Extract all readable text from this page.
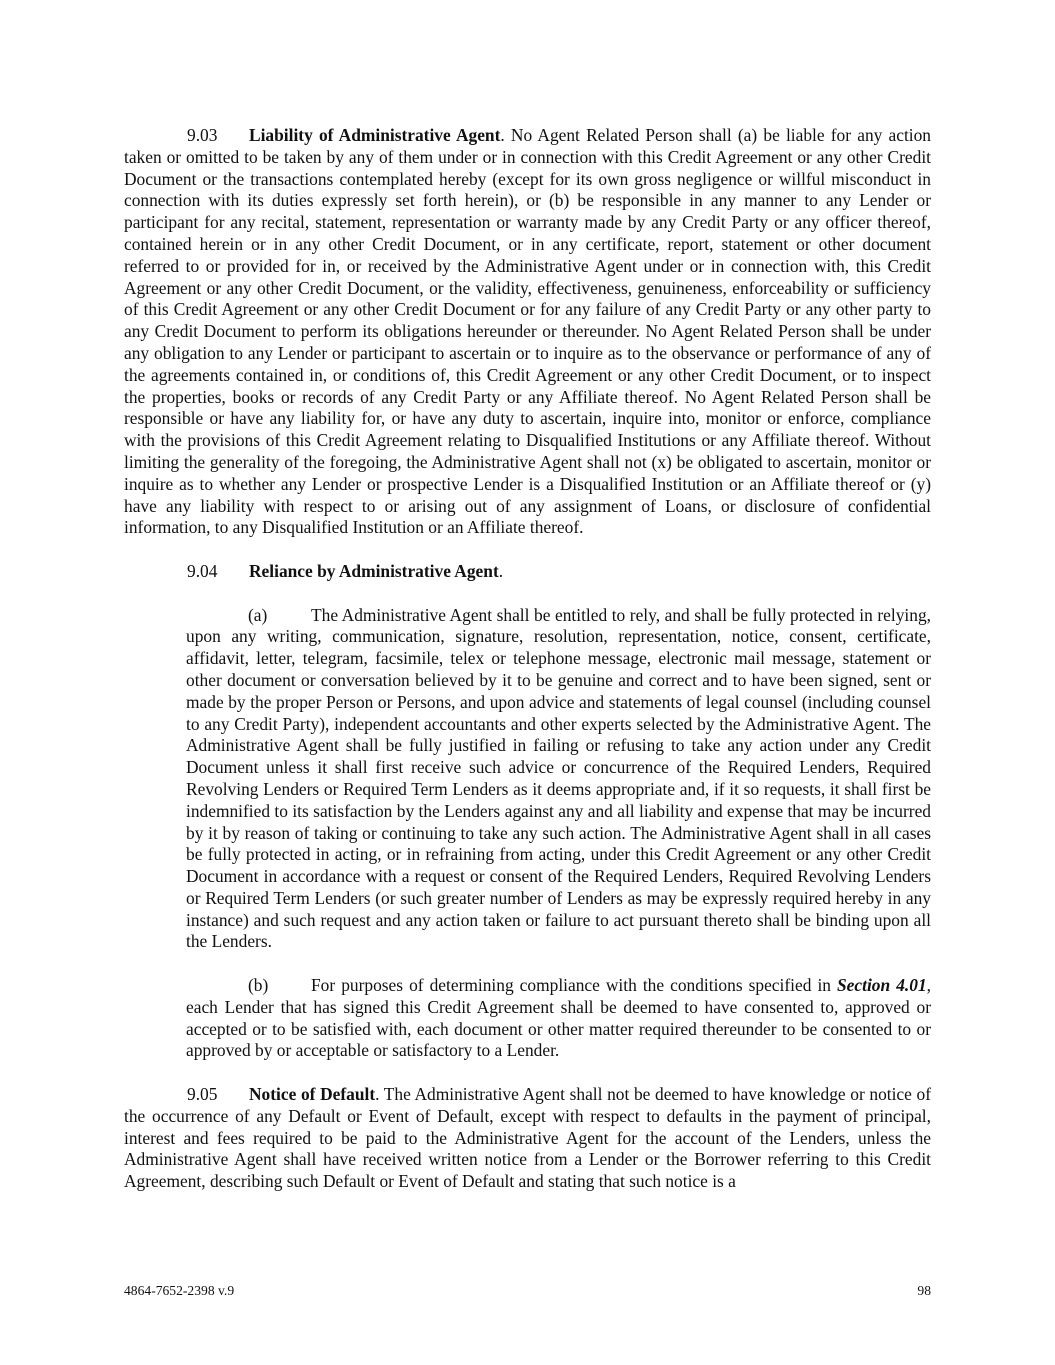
9.03 Liability of Administrative Agent. No Agent Related Person shall (a) be liable for any action taken or omitted to be taken by any of them under or in connection with this Credit Agreement or any other Credit Document or the transactions contemplated hereby (except for its own gross negligence or willful misconduct in connection with its duties expressly set forth herein), or (b) be responsible in any manner to any Lender or participant for any recital, statement, representation or warranty made by any Credit Party or any officer thereof, contained herein or in any other Credit Document, or in any certificate, report, statement or other document referred to or provided for in, or received by the Administrative Agent under or in connection with, this Credit Agreement or any other Credit Document, or the validity, effectiveness, genuineness, enforceability or sufficiency of this Credit Agreement or any other Credit Document or for any failure of any Credit Party or any other party to any Credit Document to perform its obligations hereunder or thereunder. No Agent Related Person shall be under any obligation to any Lender or participant to ascertain or to inquire as to the observance or performance of any of the agreements contained in, or conditions of, this Credit Agreement or any other Credit Document, or to inspect the properties, books or records of any Credit Party or any Affiliate thereof. No Agent Related Person shall be responsible or have any liability for, or have any duty to ascertain, inquire into, monitor or enforce, compliance with the provisions of this Credit Agreement relating to Disqualified Institutions or any Affiliate thereof. Without limiting the generality of the foregoing, the Administrative Agent shall not (x) be obligated to ascertain, monitor or inquire as to whether any Lender or prospective Lender is a Disqualified Institution or an Affiliate thereof or (y) have any liability with respect to or arising out of any assignment of Loans, or disclosure of confidential information, to any Disqualified Institution or an Affiliate thereof.

9.04 Reliance by Administrative Agent.

(a)	The Administrative Agent shall be entitled to rely, and shall be fully protected in relying, upon any writing, communication, signature, resolution, representation, notice, consent, certificate, affidavit, letter, telegram, facsimile, telex or telephone message, electronic mail message, statement or other document or conversation believed by it to be genuine and correct and to have been signed, sent or made by the proper Person or Persons, and upon advice and statements of legal counsel (including counsel to any Credit Party), independent accountants and other experts selected by the Administrative Agent. The Administrative Agent shall be fully justified in failing or refusing to take any action under any Credit Document unless it shall first receive such advice or concurrence of the Required Lenders, Required Revolving Lenders or Required Term Lenders as it deems appropriate and, if it so requests, it shall first be indemnified to its satisfaction by the Lenders against any and all liability and expense that may be incurred by it by reason of taking or continuing to take any such action. The Administrative Agent shall in all cases be fully protected in acting, or in refraining from acting, under this Credit Agreement or any other Credit Document in accordance with a request or consent of the Required Lenders, Required Revolving Lenders or Required Term Lenders (or such greater number of Lenders as may be expressly required hereby in any instance) and such request and any action taken or failure to act pursuant thereto shall be binding upon all the Lenders.

(b) For purposes of determining compliance with the conditions specified in Section 4.01, each Lender that has signed this Credit Agreement shall be deemed to have consented to, approved or accepted or to be satisfied with, each document or other matter required thereunder to be consented to or approved by or acceptable or satisfactory to a Lender.

9.05 Notice of Default. The Administrative Agent shall not be deemed to have knowledge or notice of the occurrence of any Default or Event of Default, except with respect to defaults in the payment of principal, interest and fees required to be paid to the Administrative Agent for the account of the Lenders, unless the Administrative Agent shall have received written notice from a Lender or the Borrower referring to this Credit Agreement, describing such Default or Event of Default and stating that such notice is a

4864-7652-2398 v.9	98
